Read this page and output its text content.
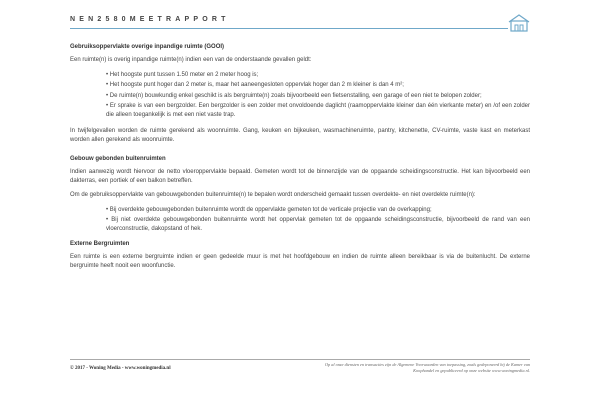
NEN2580MEETRAPPORT
Gebruiksoppervlakte overige inpandige ruimte (GOOI)
Een ruimte(n) is overig inpandige ruimte(n) indien een van de onderstaande gevallen geldt:
• Het hoogste punt tussen 1.50 meter en 2 meter hoog is;
• Het hoogste punt hoger dan 2 meter is, maar het aaneengesloten oppervlak hoger dan 2 m kleiner is dan 4 m²;
• De ruimte(n) bouwkundig enkel geschikt is als bergruimte(n) zoals bijvoorbeeld een fietsenstalling, een garage of een niet te belopen zolder;
• Er sprake is van een bergzolder. Een bergzolder is een zolder met onvoldoende daglicht (raamoppervlakte kleiner dan één vierkante meter) en /of een zolder die alleen toegankelijk is met een niet vaste trap.
In twijfelgevallen worden de ruimte gerekend als woonruimte. Gang, keuken en bijkeuken, wasmachineruimte, pantry, kitchenette, CV-ruimte, vaste kast en meterkast worden allen gerekend als woonruimte.
Gebouw gebonden buitenruimten
Indien aanwezig wordt hiervoor de netto vloeroppervlakte bepaald. Gemeten wordt tot de binnenzijde van de opgaande scheidingsconstructie. Het kan bijvoorbeeld een dakterras, een portiek of een balkon betreffen.
Om de gebruiksoppervlakte van gebouwgebonden buitenruimte(n) te bepalen wordt onderscheid gemaakt tussen overdekte- en niet overdekte ruimte(n):
• Bij overdekte gebouwgebonden buitenruimte wordt de oppervlakte gemeten tot de verticale projectie van de overkapping;
• Bij niet overdekte gebouwgebonden buitenruimte wordt het oppervlak gemeten tot de opgaande scheidingsconstructie, bijvoorbeeld de rand van een vloerconstructie, dakopstand of hek.
Externe Bergruimten
Een ruimte is een externe bergruimte indien er geen gedeelde muur is met het hoofdgebouw en indien de ruimte alleen bereikbaar is via de buitenlucht. De externe bergruimte heeft nooit een woonfunctie.
© 2017 - Woning Media - www.woningmedia.nl
Op al onze diensten en transacties zijn de Algemene Voorwaarden van toepassing, zoals gedeponeerd bij de Kamer van Koophandel en gepubliceerd op onze website www.woningmedia.nl.
